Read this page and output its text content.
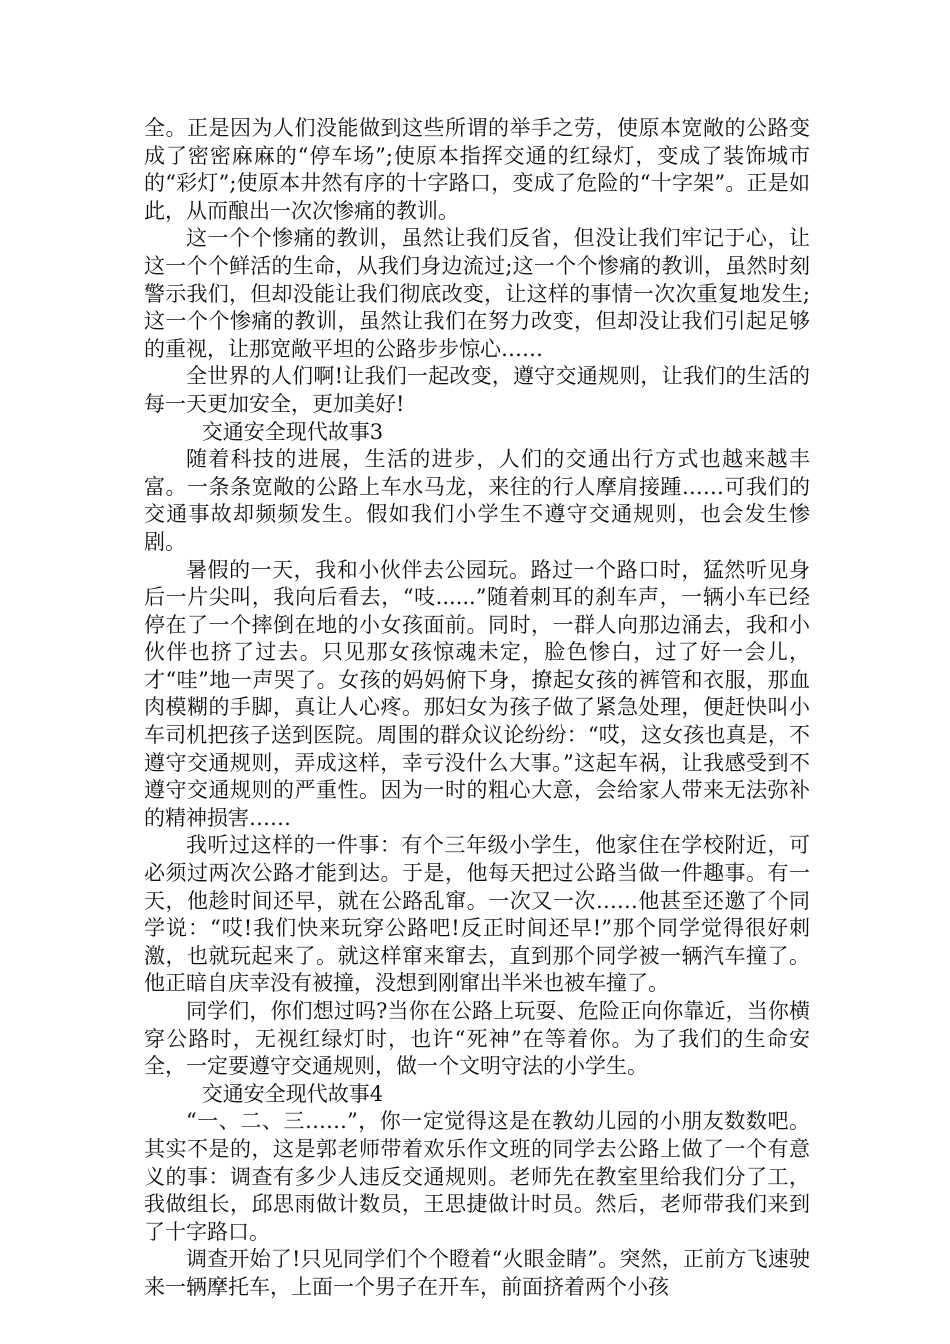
全。正是因为人们没能做到这些所谓的举手之劳，使原本宽敞的公路变成了密密麻麻的“停车场”;使原本指挥交通的红绿灯，变成了装饰城市的“彩灯”;使原本井然有序的十字路口，变成了危险的“十字架”。正是如此，从而酿出一次次惨痛的教训。

这一个个惨痛的教训，虽然让我们反省，但没让我们牢记于心，让这一个个鲜活的生命，从我们身边流过;这一个个惨痛的教训，虽然时刻警示我们，但却没能让我们彻底改变，让这样的事情一次次重复地发生;这一个个惨痛的教训，虽然让我们在努力改变，但却没让我们引起足够的重视，让那宽敞平坦的公路步步惊心……

全世界的人们啊!让我们一起改变，遵守交通规则，让我们的生活的每一天更加安全，更加美好!

交通安全现代故事3

随着科技的进展，生活的进步，人们的交通出行方式也越来越丰富。一条条宽敞的公路上车水马龙，来往的行人摩肩接踵……可我们的交通事故却频频发生。假如我们小学生不遵守交通规则，也会发生惨剧。

暑假的一天，我和小伙伴去公园玩。路过一个路口时，猛然听见身后一片尖叫，我向后看去，“吱......”随着刺耳的刹车声，一辆小车已经停在了一个摔倒在地的小女孩面前。同时，一群人向那边涌去，我和小伙伴也挤了过去。只见那女孩惊魂未定，脸色惨白，过了好一会儿，才“哇”地一声哭了。女孩的妈妈俯下身，撩起女孩的裤管和衣服，那血肉模糊的手脚，真让人心疼。那妇女为孩子做了紧急处理，便赶快叫小车司机把孩子送到医院。周围的群众议论纷纷：“哎，这女孩也真是，不遵守交通规则，弄成这样，幸亏没什么大事。”这起车祸，让我感受到不遵守交通规则的严重性。因为一时的粗心大意，会给家人带来无法弥补的精神损害……

我听过这样的一件事：有个三年级小学生，他家住在学校附近，可必须过两次公路才能到达。于是，他每天把过公路当做一件趣事。有一天，他趁时间还早，就在公路乱窜。一次又一次……他甚至还邀了个同学说：“哎!我们快来玩穿公路吧!反正时间还早!”那个同学觉得很好刺激，也就玩起来了。就这样窜来窜去，直到那个同学被一辆汽车撞了。他正暗自庆幸没有被撞，没想到刚窜出半米也被车撞了。

同学们，你们想过吗?当你在公路上玩耍、危险正向你靠近，当你横穿公路时，无视红绿灯时，也许“死神”在等着你。为了我们的生命安全，一定要遵守交通规则，做一个文明守法的小学生。

交通安全现代故事4

“一、二、三……”，你一定觉得这是在教幼儿园的小朋友数数吧。其实不是的，这是郭老师带着欢乐作文班的同学去公路上做了一个有意义的事：调查有多少人违反交通规则。老师先在教室里给我们分了工，我做组长，邱思雨做计数员，王思捷做计时员。然后，老师带我们来到了十字路口。

调查开始了!只见同学们个个瞪着“火眼金睛”。突然，正前方飞速驶来一辆摩托车，上面一个男子在开车，前面挤着两个小孩
